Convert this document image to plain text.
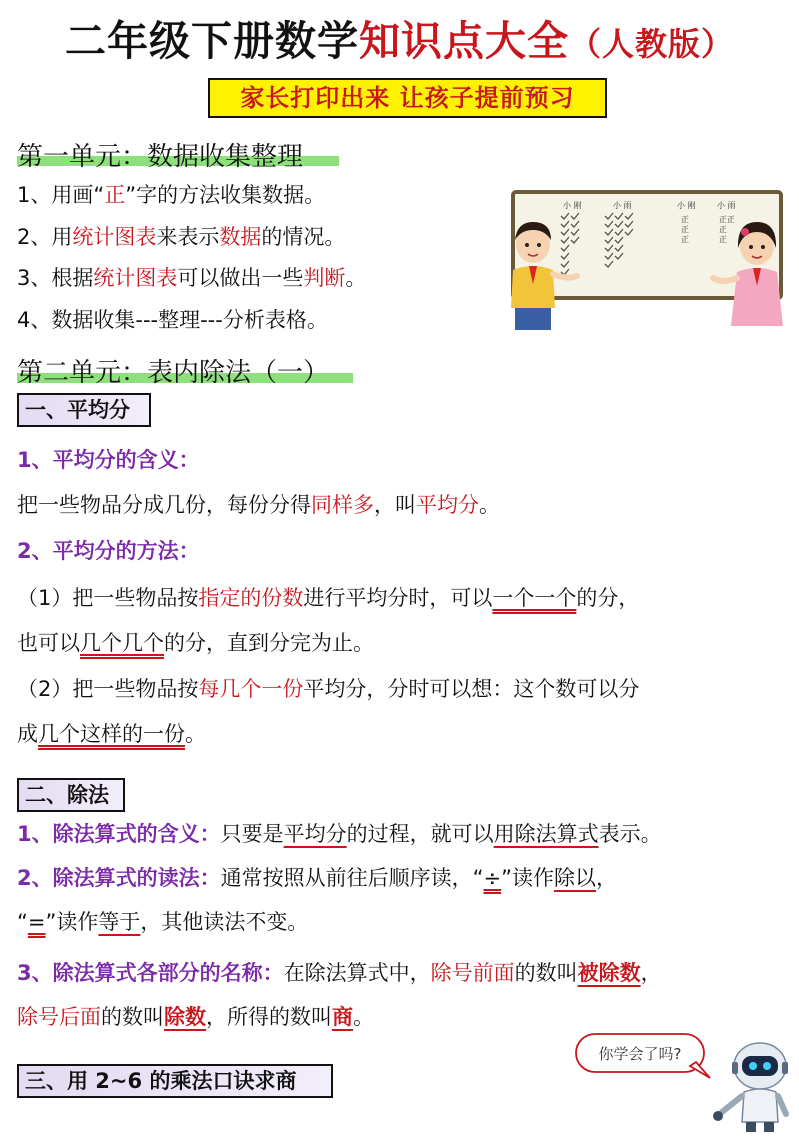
二年级下册数学知识点大全（人教版）
家长打印出来 让孩子提前预习
第一单元：数据收集整理
1、用画“正”字的方法收集数据。
2、用统计图表来表示数据的情况。
3、根据统计图表可以做出一些判断。
4、数据收集---整理---分析表格。
小 刚	小 雨	小 刚	小 雨
正
正
正
正 正
正
正
第二单元：表内除法（一）
一、平均分
1、平均分的含义：
把一些物品分成几份，每份分得同样多，叫平均分。
2、平均分的方法：
（1）把一些物品按指定的份数进行平均分时，可以一个一个的分，
也可以几个几个的分，直到分完为止。
（2）把一些物品按每几个一份平均分，分时可以想：这个数可以分
成几个这样的一份。
二、除法
1、除法算式的含义：只要是平均分的过程，就可以用除法算式表示。
2、除法算式的读法：通常按照从前往后顺序读，“÷”读作除以，
“=”读作等于，其他读法不变。
3、除法算式各部分的名称：在除法算式中，除号前面的数叫被除数，
除号后面的数叫除数，所得的数叫商。
三、用 2~6 的乘法口诀求商
你学会了吗?
